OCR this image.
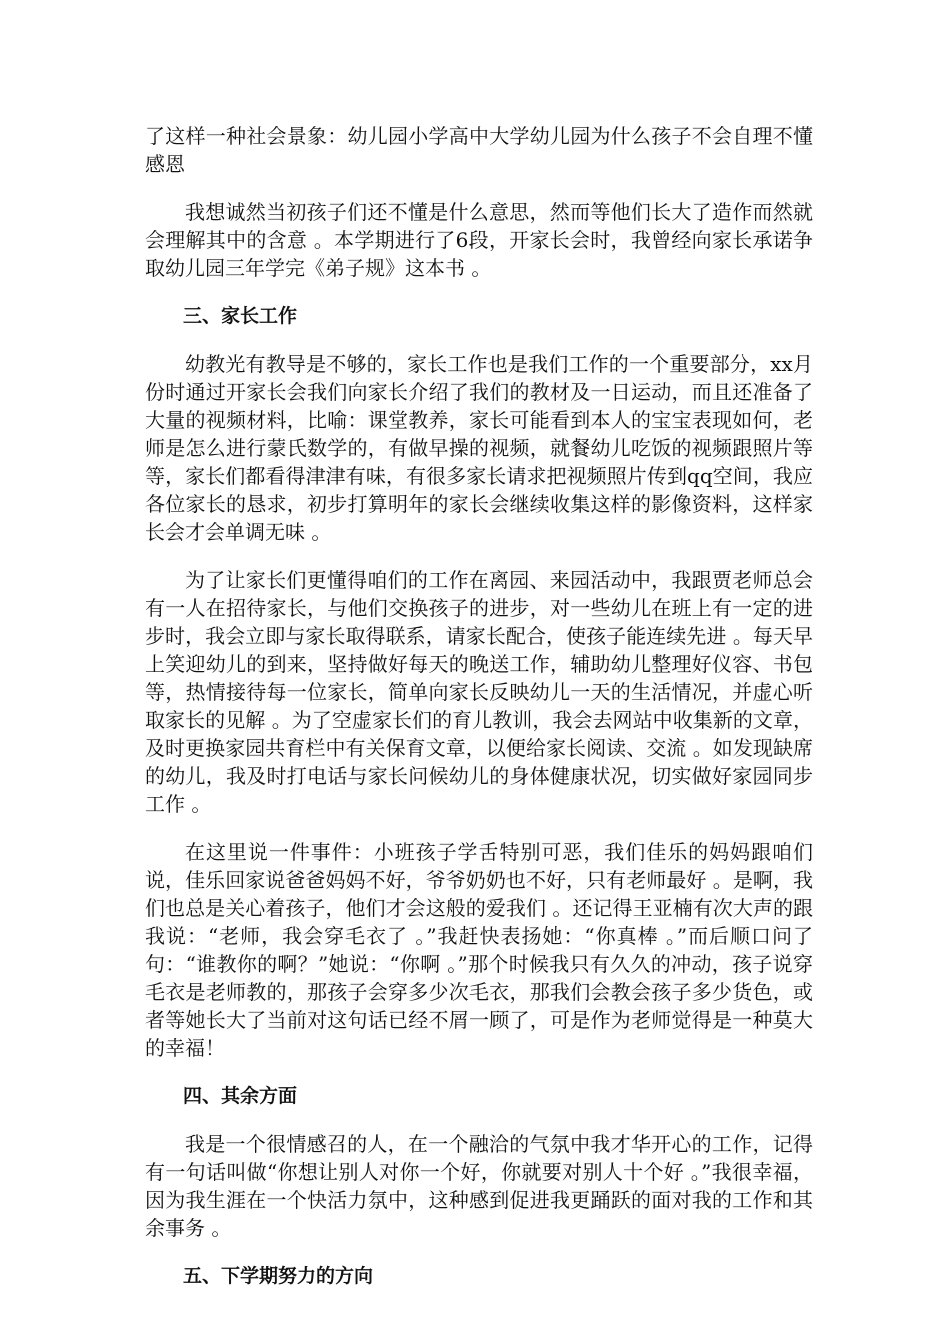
了这样一种社会景象：幼儿园小学高中大学幼儿园为什么孩子不会自理不懂感恩

我想诚然当初孩子们还不懂是什么意思，然而等他们长大了造作而然就会理解其中的含意 。本学期进行了6段，开家长会时，我曾经向家长承诺争取幼儿园三年学完《弟子规》这本书 。

三、家长工作

幼教光有教导是不够的，家长工作也是我们工作的一个重要部分，xx月份时通过开家长会我们向家长介绍了我们的教材及一日运动，而且还准备了大量的视频材料，比喻：课堂教养，家长可能看到本人的宝宝表现如何，老师是怎么进行蒙氏数学的，有做早操的视频，就餐幼儿吃饭的视频跟照片等等，家长们都看得津津有味，有很多家长请求把视频照片传到qq空间，我应各位家长的恳求，初步打算明年的家长会继续收集这样的影像资料，这样家长会才会单调无味 。

为了让家长们更懂得咱们的工作在离园、来园活动中，我跟贾老师总会有一人在招待家长，与他们交换孩子的进步，对一些幼儿在班上有一定的进步时，我会立即与家长取得联系，请家长配合，使孩子能连续先进 。每天早上笑迎幼儿的到来，坚持做好每天的晚送工作，辅助幼儿整理好仪容、书包等，热情接待每一位家长，简单向家长反映幼儿一天的生活情况，并虚心听取家长的见解 。为了空虚家长们的育儿教训，我会去网站中收集新的文章，及时更换家园共育栏中有关保育文章，以便给家长阅读、交流 。如发现缺席的幼儿，我及时打电话与家长问候幼儿的身体健康状况，切实做好家园同步工作 。

在这里说一件事件：小班孩子学舌特别可恶，我们佳乐的妈妈跟咱们说，佳乐回家说爸爸妈妈不好，爷爷奶奶也不好，只有老师最好 。是啊，我们也总是关心着孩子，他们才会这般的爱我们 。还记得王亚楠有次大声的跟我说：“老师，我会穿毛衣了 。”我赶快表扬她：“你真棒 。”而后顺口问了句：“谁教你的啊？”她说：“你啊 。”那个时候我只有久久的冲动，孩子说穿毛衣是老师教的，那孩子会穿多少次毛衣，那我们会教会孩子多少货色，或者等她长大了当前对这句话已经不屑一顾了，可是作为老师觉得是一种莫大的幸福！

四、其余方面

我是一个很情感召的人，在一个融洽的气氛中我才华开心的工作，记得有一句话叫做“你想让别人对你一个好，你就要对别人十个好 。”我很幸福，因为我生涯在一个快活力氛中，这种感到促进我更踊跃的面对我的工作和其余事务 。

五、下学期努力的方向
